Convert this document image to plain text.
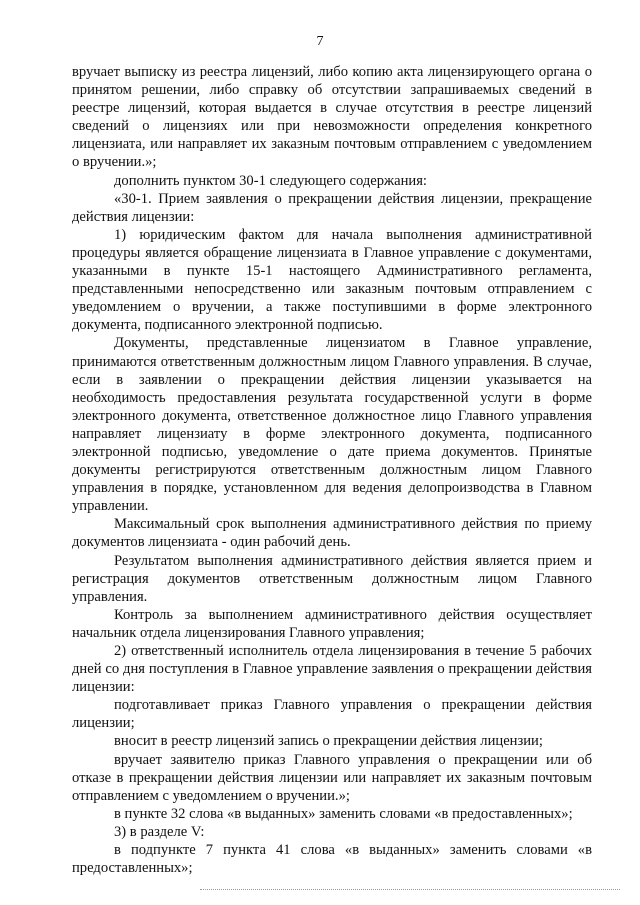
7

вручает выписку из реестра лицензий, либо копию акта лицензирующего органа о принятом решении, либо справку об отсутствии запрашиваемых сведений в реестре лицензий, которая выдается в случае отсутствия в реестре лицензий сведений о лицензиях или при невозможности определения конкретного лицензиата, или направляет их заказным почтовым отправлением с уведомлением о вручении.»;

дополнить пунктом 30-1 следующего содержания:

«30-1. Прием заявления о прекращении действия лицензии, прекращение действия лицензии:

1) юридическим фактом для начала выполнения административной процедуры является обращение лицензиата в Главное управление с документами, указанными в пункте 15-1 настоящего Административного регламента, представленными непосредственно или заказным почтовым отправлением с уведомлением о вручении, а также поступившими в форме электронного документа, подписанного электронной подписью.

Документы, представленные лицензиатом в Главное управление, принимаются ответственным должностным лицом Главного управления. В случае, если в заявлении о прекращении действия лицензии указывается на необходимость предоставления результата государственной услуги в форме электронного документа, ответственное должностное лицо Главного управления направляет лицензиату в форме электронного документа, подписанного электронной подписью, уведомление о дате приема документов. Принятые документы регистрируются ответственным должностным лицом Главного управления в порядке, установленном для ведения делопроизводства в Главном управлении.

Максимальный срок выполнения административного действия по приему документов лицензиата - один рабочий день.

Результатом выполнения административного действия является прием и регистрация документов ответственным должностным лицом Главного управления.

Контроль за выполнением административного действия осуществляет начальник отдела лицензирования Главного управления;

2) ответственный исполнитель отдела лицензирования в течение 5 рабочих дней со дня поступления в Главное управление заявления о прекращении действия лицензии:

подготавливает приказ Главного управления о прекращении действия лицензии;

вносит в реестр лицензий запись о прекращении действия лицензии;

вручает заявителю приказ Главного управления о прекращении или об отказе в прекращении действия лицензии или направляет их заказным почтовым отправлением с уведомлением о вручении.»;

в пункте 32 слова «в выданных» заменить словами «в предоставленных»;

3) в разделе V:

в подпункте 7 пункта 41 слова «в выданных» заменить словами «в предоставленных»;
